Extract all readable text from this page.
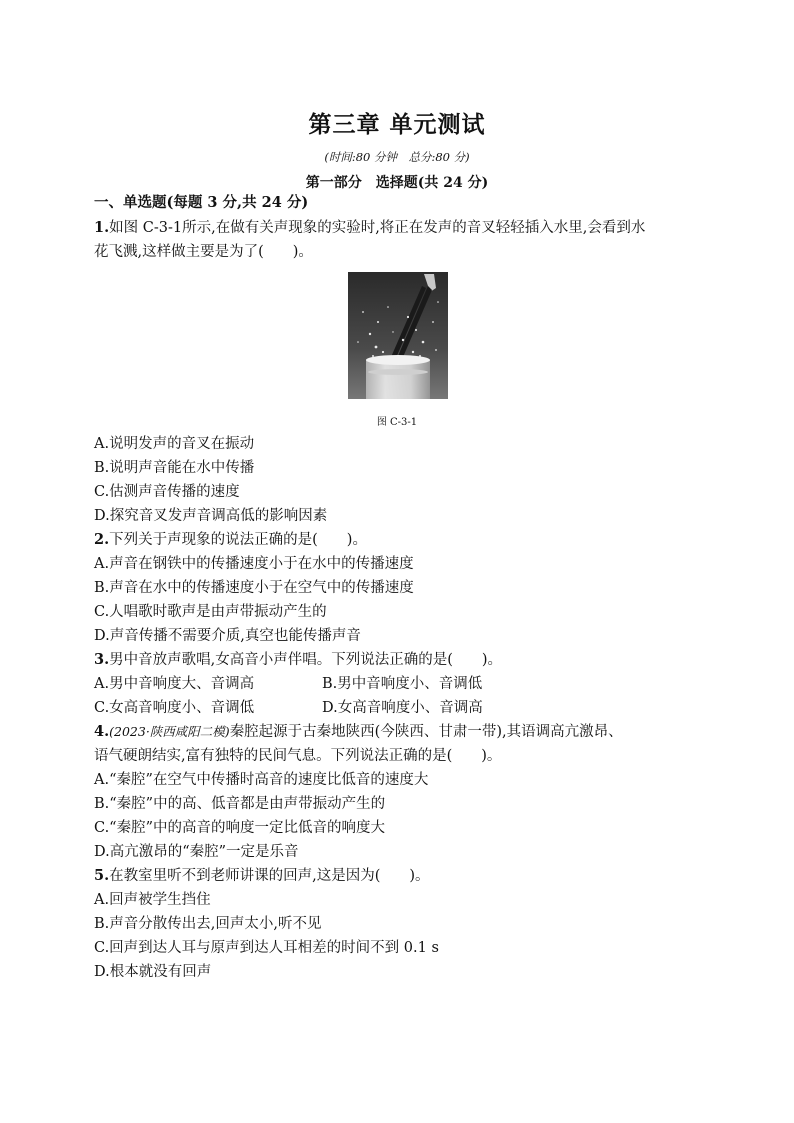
第三章 单元测试
(时间:80 分钟　总分:80 分)
第一部分　选择题(共 24 分)
一、单选题(每题 3 分,共 24 分)
1.如图 C-3-1所示,在做有关声现象的实验时,将正在发声的音叉轻轻插入水里,会看到水
花飞溅,这样做主要是为了(　　)。
图 C-3-1
A.说明发声的音叉在振动
B.说明声音能在水中传播
C.估测声音传播的速度
D.探究音叉发声音调高低的影响因素
2.下列关于声现象的说法正确的是(　　)。
A.声音在钢铁中的传播速度小于在水中的传播速度
B.声音在水中的传播速度小于在空气中的传播速度
C.人唱歌时歌声是由声带振动产生的
D.声音传播不需要介质,真空也能传播声音
3.男中音放声歌唱,女高音小声伴唱。下列说法正确的是(　　)。
A.男中音响度大、音调高	B.男中音响度小、音调低
C.女高音响度小、音调低	D.女高音响度小、音调高
4.(2023·陕西咸阳二模)秦腔起源于古秦地陕西(今陕西、甘肃一带),其语调高亢激昂、
语气硬朗结实,富有独特的民间气息。下列说法正确的是(　　)。
A.“秦腔”在空气中传播时高音的速度比低音的速度大
B.“秦腔”中的高、低音都是由声带振动产生的
C.“秦腔”中的高音的响度一定比低音的响度大
D.高亢激昂的“秦腔”一定是乐音
5.在教室里听不到老师讲课的回声,这是因为(　　)。
A.回声被学生挡住
B.声音分散传出去,回声太小,听不见
C.回声到达人耳与原声到达人耳相差的时间不到 0.1 s
D.根本就没有回声
